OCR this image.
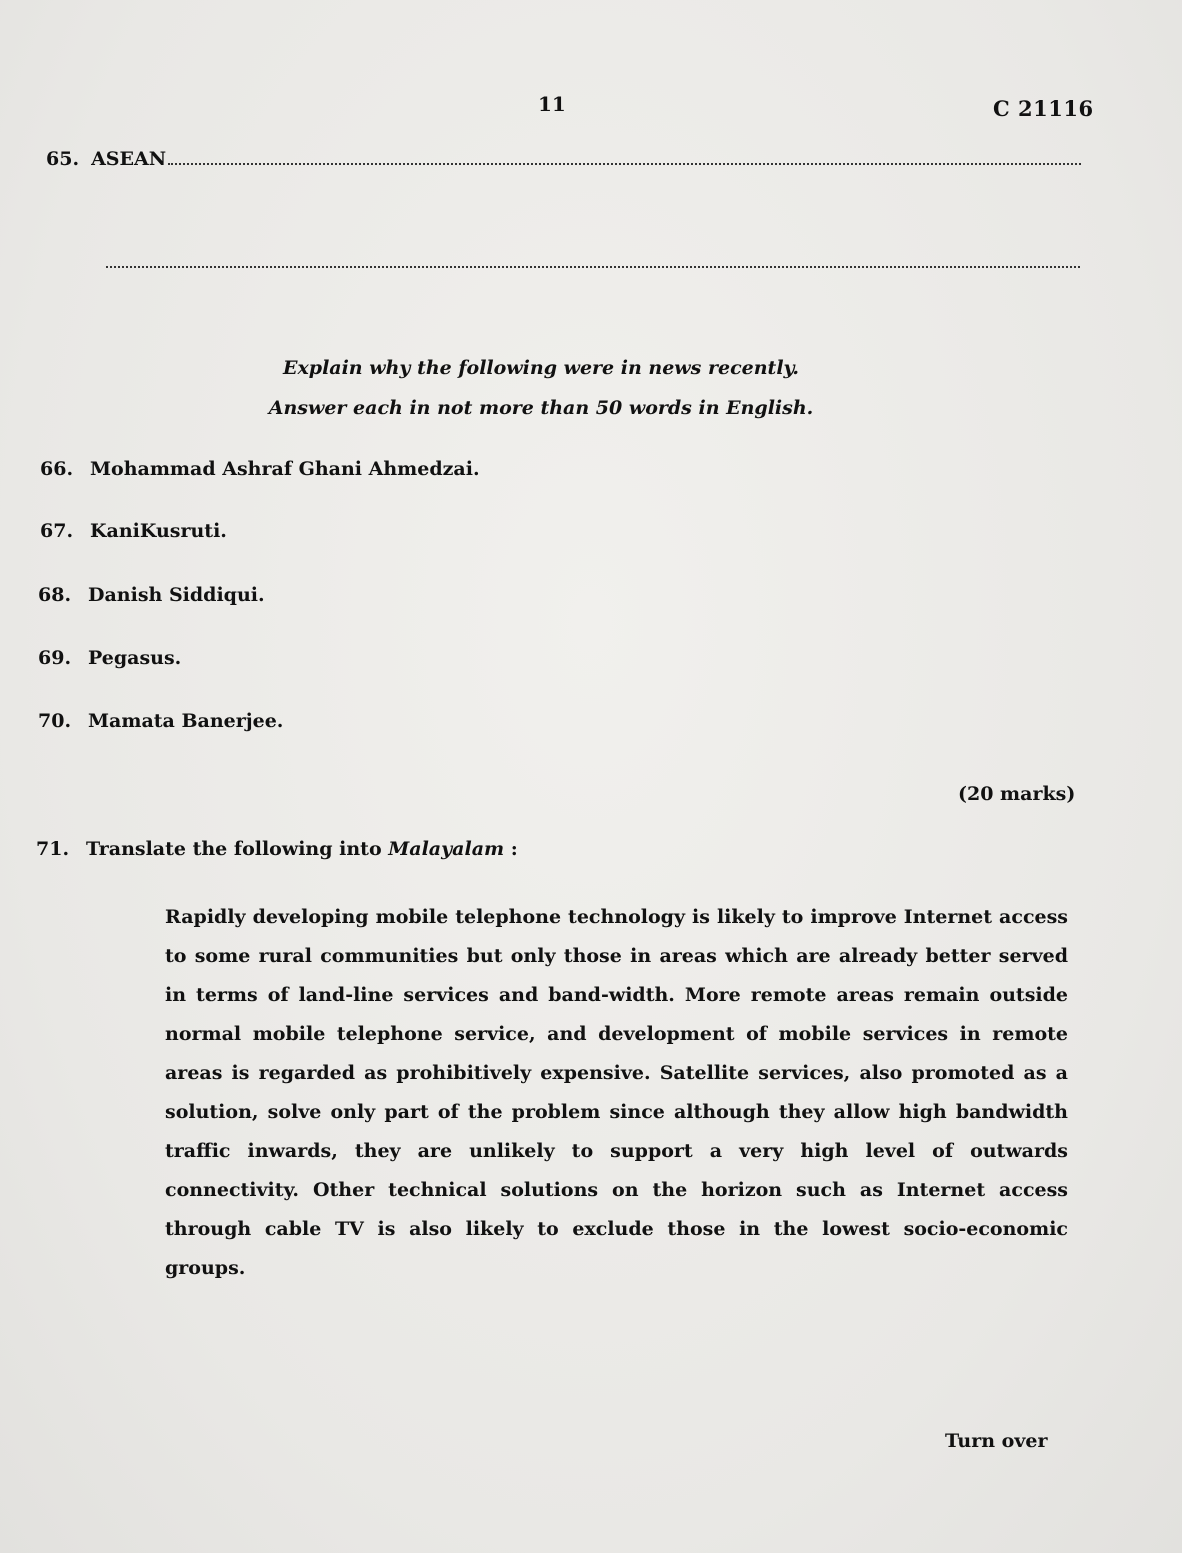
11	C 21116
65. ASEAN
Explain why the following were in news recently.
Answer each in not more than 50 words in English.
66. Mohammad Ashraf Ghani Ahmedzai.
67. KaniKusruti.
68. Danish Siddiqui.
69. Pegasus.
70. Mamata Banerjee.
(20 marks)
71. Translate the following into Malayalam :
Rapidly developing mobile telephone technology is likely to improve Internet access to some rural communities but only those in areas which are already better served in terms of land-line services and band-width. More remote areas remain outside normal mobile telephone service, and development of mobile services in remote areas is regarded as prohibitively expensive. Satellite services, also promoted as a solution, solve only part of the problem since although they allow high bandwidth traffic inwards, they are unlikely to support a very high level of outwards connectivity. Other technical solutions on the horizon such as Internet access through cable TV is also likely to exclude those in the lowest socio-economic groups.
Turn over
